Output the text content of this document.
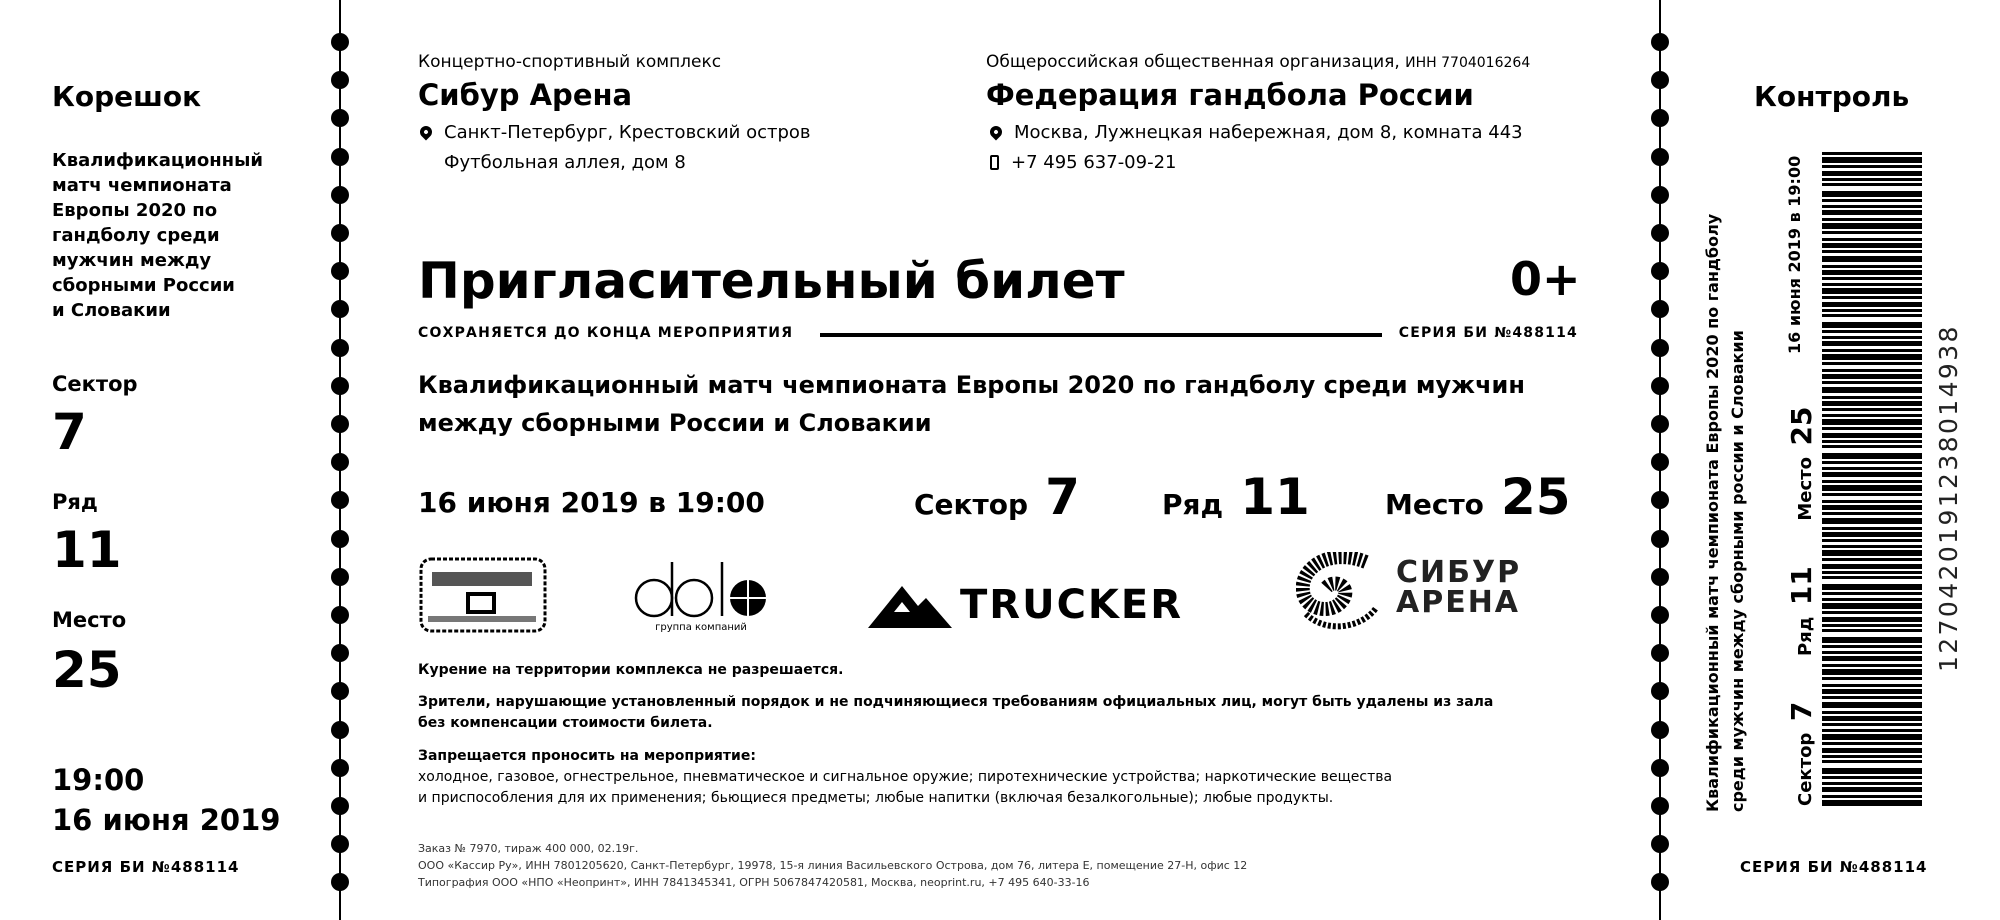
Корешок
Квалификационный
матч чемпионата
Европы 2020 по
гандболу среди
мужчин между
сборными России
и Словакии
Сектор
7
Ряд
11
Место
25
19:00
16 июня 2019
СЕРИЯ БИ №488114
Концертно-спортивный комплекс
Сибур Арена
Санкт-Петербург, Крестовский остров
Футбольная аллея, дом 8
Общероссийская общественная организация, ИНН 7704016264
Федерация гандбола России
Москва, Лужнецкая набережная, дом 8, комната 443
+7 495 637-09-21
Пригласительный билет	0+
СОХРАНЯЕТСЯ ДО КОНЦА МЕРОПРИЯТИЯ	СЕРИЯ БИ №488114
Квалификационный матч чемпионата Европы 2020 по гандболу среди мужчин
между сборными России и Словакии
16 июня 2019 в 19:00	Сектор 7	Ряд 11	Место 25
группа компаний	TRUCKER
СИБУР
АРЕНА
Курение на территории комплекса не разрешается.
Зрители, нарушающие установленный порядок и не подчиняющиеся требованиям официальных лиц, могут быть удалены из зала
без компенсации стоимости билета.
Запрещается проносить на мероприятие:
холодное, газовое, огнестрельное, пневматическое и сигнальное оружие; пиротехнические устройства; наркотические вещества
и приспособления для их применения; бьющиеся предметы; любые напитки (включая безалкогольные); любые продукты.
Заказ № 7970, тираж 400 000, 02.19г.
ООО «Кассир Ру», ИНН 7801205620, Санкт-Петербург, 19978, 15-я линия Васильевского Острова, дом 76, литера Е, помещение 27-Н, офис 12
Типография ООО «НПО «Неопринт», ИНН 7841345341, ОГРН 5067847420581, Москва, neoprint.ru, +7 495 640-33-16
Контроль
Квалификационный матч чемпионата Европы 2020 по гандболу среди мужчин между сборными россии и Словакии	Сектор 7 Ряд 11 Место 25
16 июня 2019 в 19:00
1270420191238014938
СЕРИЯ БИ №488114
